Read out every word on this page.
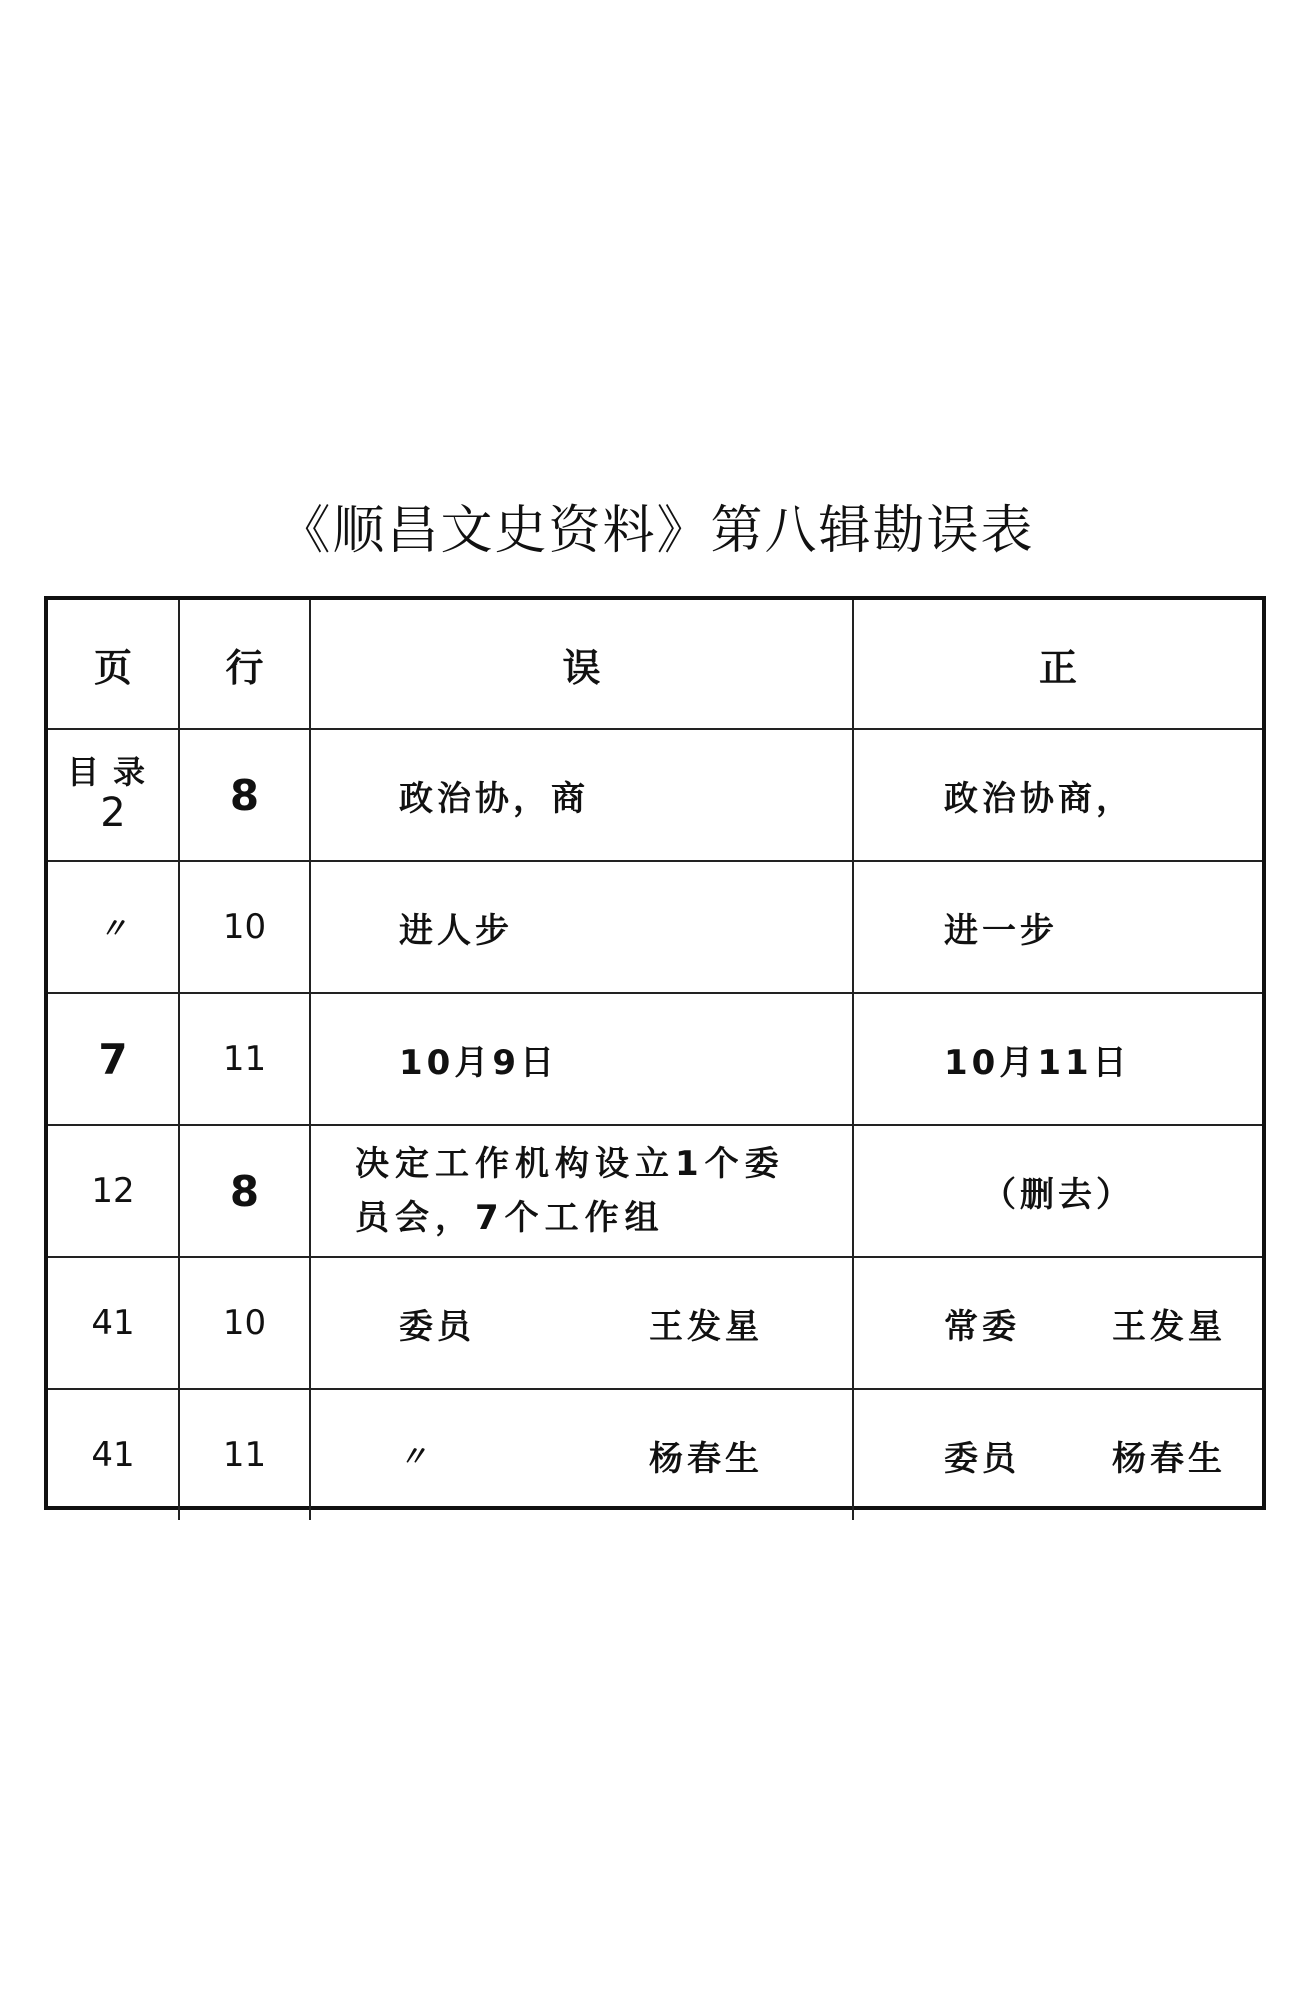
《顺昌文史资料》第八辑勘误表
页	行	误	正

目录
2	8	政治协，商	政治协商，

〃	10	进人步	进一步

7	11	10月9日	10月11日

12	8	决定工作机构设立1个委员会，7个工作组	（删去）

41	10	委员 王发星	常委 王发星

41	11	〃 杨春生	委员 杨春生
